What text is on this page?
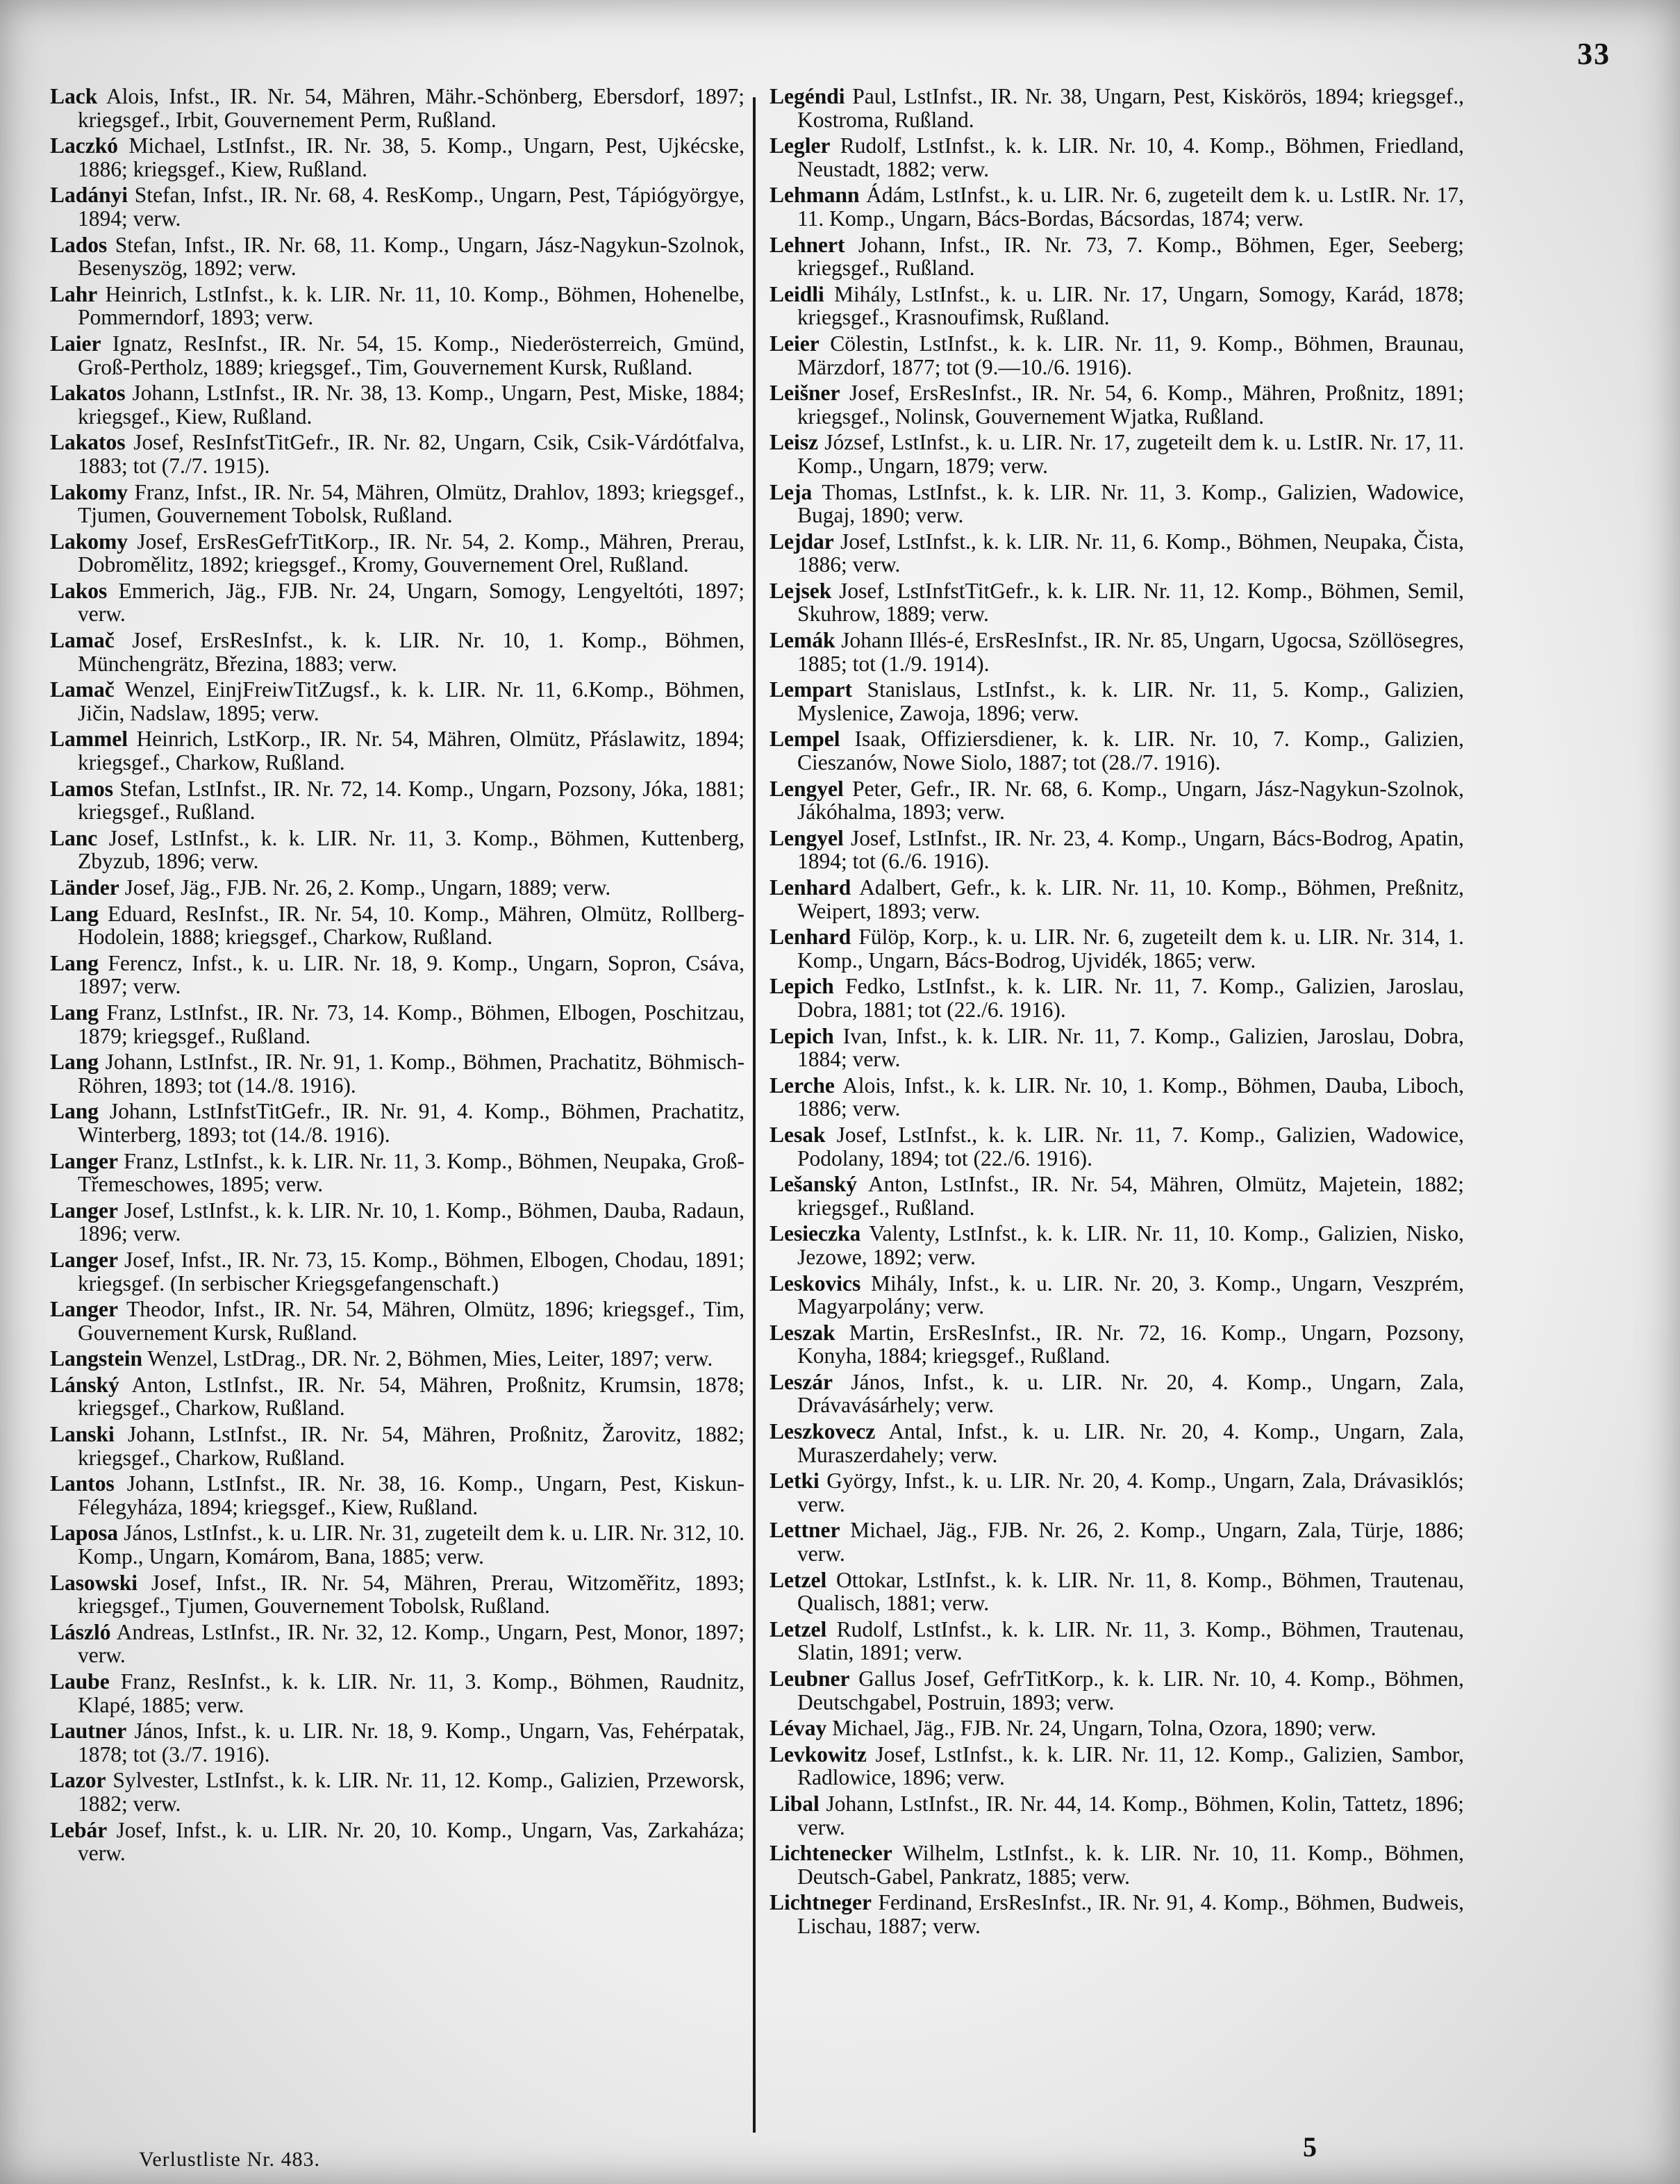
33

Lack Alois, Infst., IR. Nr. 54, Mähren, Mähr.-Schönberg, Ebersdorf, 1897; kriegsgef., Irbit, Gouvernement Perm, Rußland.

Laczkó Michael, LstInfst., IR. Nr. 38, 5. Komp., Ungarn, Pest, Ujkécske, 1886; kriegsgef., Kiew, Rußland.

Ladányi Stefan, Infst., IR. Nr. 68, 4. ResKomp., Ungarn, Pest, Tápiógyörgye, 1894; verw.

Lados Stefan, Infst., IR. Nr. 68, 11. Komp., Ungarn, Jász-Nagykun-Szolnok, Besenyszög, 1892; verw.

Lahr Heinrich, LstInfst., k. k. LIR. Nr. 11, 10. Komp., Böhmen, Hohenelbe, Pommerndorf, 1893; verw.

Laier Ignatz, ResInfst., IR. Nr. 54, 15. Komp., Niederösterreich, Gmünd, Groß-Pertholz, 1889; kriegsgef., Tim, Gouvernement Kursk, Rußland.

Lakatos Johann, LstInfst., IR. Nr. 38, 13. Komp., Ungarn, Pest, Miske, 1884; kriegsgef., Kiew, Rußland.

Lakatos Josef, ResInfstTitGefr., IR. Nr. 82, Ungarn, Csik, Csik-Várdótfalva, 1883; tot (7./7. 1915).

Lakomy Franz, Infst., IR. Nr. 54, Mähren, Olmütz, Drahlov, 1893; kriegsgef., Tjumen, Gouvernement Tobolsk, Rußland.

Lakomy Josef, ErsResGefrTitKorp., IR. Nr. 54, 2. Komp., Mähren, Prerau, Dobromělitz, 1892; kriegsgef., Kromy, Gouvernement Orel, Rußland.

Lakos Emmerich, Jäg., FJB. Nr. 24, Ungarn, Somogy, Lengyeltóti, 1897; verw.

Lamač Josef, ErsResInfst., k. k. LIR. Nr. 10, 1. Komp., Böhmen, Münchengrätz, Březina, 1883; verw.

Lamač Wenzel, EinjFreiwTitZugsf., k. k. LIR. Nr. 11, 6.Komp., Böhmen, Jičin, Nadslaw, 1895; verw.

Lammel Heinrich, LstKorp., IR. Nr. 54, Mähren, Olmütz, Přáslawitz, 1894; kriegsgef., Charkow, Rußland.

Lamos Stefan, LstInfst., IR. Nr. 72, 14. Komp., Ungarn, Pozsony, Jóka, 1881; kriegsgef., Rußland.

Lanc Josef, LstInfst., k. k. LIR. Nr. 11, 3. Komp., Böhmen, Kuttenberg, Zbyzub, 1896; verw.

Länder Josef, Jäg., FJB. Nr. 26, 2. Komp., Ungarn, 1889; verw.

Lang Eduard, ResInfst., IR. Nr. 54, 10. Komp., Mähren, Olmütz, Rollberg-Hodolein, 1888; kriegsgef., Charkow, Rußland.

Lang Ferencz, Infst., k. u. LIR. Nr. 18, 9. Komp., Ungarn, Sopron, Csáva, 1897; verw.

Lang Franz, LstInfst., IR. Nr. 73, 14. Komp., Böhmen, Elbogen, Poschitzau, 1879; kriegsgef., Rußland.

Lang Johann, LstInfst., IR. Nr. 91, 1. Komp., Böhmen, Prachatitz, Böhmisch-Röhren, 1893; tot (14./8. 1916).

Lang Johann, LstInfstTitGefr., IR. Nr. 91, 4. Komp., Böhmen, Prachatitz, Winterberg, 1893; tot (14./8. 1916).

Langer Franz, LstInfst., k. k. LIR. Nr. 11, 3. Komp., Böhmen, Neupaka, Groß-Třemeschowes, 1895; verw.

Langer Josef, LstInfst., k. k. LIR. Nr. 10, 1. Komp., Böhmen, Dauba, Radaun, 1896; verw.

Langer Josef, Infst., IR. Nr. 73, 15. Komp., Böhmen, Elbogen, Chodau, 1891; kriegsgef. (In serbischer Kriegsgefangenschaft.)

Langer Theodor, Infst., IR. Nr. 54, Mähren, Olmütz, 1896; kriegsgef., Tim, Gouvernement Kursk, Rußland.

Langstein Wenzel, LstDrag., DR. Nr. 2, Böhmen, Mies, Leiter, 1897; verw.

Lánský Anton, LstInfst., IR. Nr. 54, Mähren, Proßnitz, Krumsin, 1878; kriegsgef., Charkow, Rußland.

Lanski Johann, LstInfst., IR. Nr. 54, Mähren, Proßnitz, Žarovitz, 1882; kriegsgef., Charkow, Rußland.

Lantos Johann, LstInfst., IR. Nr. 38, 16. Komp., Ungarn, Pest, Kiskun-Félegyháza, 1894; kriegsgef., Kiew, Rußland.

Laposa János, LstInfst., k. u. LIR. Nr. 31, zugeteilt dem k. u. LIR. Nr. 312, 10. Komp., Ungarn, Komárom, Bana, 1885; verw.

Lasowski Josef, Infst., IR. Nr. 54, Mähren, Prerau, Witzoměřitz, 1893; kriegsgef., Tjumen, Gouvernement Tobolsk, Rußland.

László Andreas, LstInfst., IR. Nr. 32, 12. Komp., Ungarn, Pest, Monor, 1897; verw.

Laube Franz, ResInfst., k. k. LIR. Nr. 11, 3. Komp., Böhmen, Raudnitz, Klapé, 1885; verw.

Lautner János, Infst., k. u. LIR. Nr. 18, 9. Komp., Ungarn, Vas, Fehérpatak, 1878; tot (3./7. 1916).

Lazor Sylvester, LstInfst., k. k. LIR. Nr. 11, 12. Komp., Galizien, Przeworsk, 1882; verw.

Lebár Josef, Infst., k. u. LIR. Nr. 20, 10. Komp., Ungarn, Vas, Zarkaháza; verw.

Legéndi Paul, LstInfst., IR. Nr. 38, Ungarn, Pest, Kiskörös, 1894; kriegsgef., Kostroma, Rußland.

Legler Rudolf, LstInfst., k. k. LIR. Nr. 10, 4. Komp., Böhmen, Friedland, Neustadt, 1882; verw.

Lehmann Ádám, LstInfst., k. u. LIR. Nr. 6, zugeteilt dem k. u. LstIR. Nr. 17, 11. Komp., Ungarn, Bács-Bordas, Bácsordas, 1874; verw.

Lehnert Johann, Infst., IR. Nr. 73, 7. Komp., Böhmen, Eger, Seeberg; kriegsgef., Rußland.

Leidli Mihály, LstInfst., k. u. LIR. Nr. 17, Ungarn, Somogy, Karád, 1878; kriegsgef., Krasnoufimsk, Rußland.

Leier Cölestin, LstInfst., k. k. LIR. Nr. 11, 9. Komp., Böhmen, Braunau, Märzdorf, 1877; tot (9.—10./6. 1916).

Leišner Josef, ErsResInfst., IR. Nr. 54, 6. Komp., Mähren, Proßnitz, 1891; kriegsgef., Nolinsk, Gouvernement Wjatka, Rußland.

Leisz József, LstInfst., k. u. LIR. Nr. 17, zugeteilt dem k. u. LstIR. Nr. 17, 11. Komp., Ungarn, 1879; verw.

Leja Thomas, LstInfst., k. k. LIR. Nr. 11, 3. Komp., Galizien, Wadowice, Bugaj, 1890; verw.

Lejdar Josef, LstInfst., k. k. LIR. Nr. 11, 6. Komp., Böhmen, Neupaka, Čista, 1886; verw.

Lejsek Josef, LstInfstTitGefr., k. k. LIR. Nr. 11, 12. Komp., Böhmen, Semil, Skuhrow, 1889; verw.

Lemák Johann Illés-é, ErsResInfst., IR. Nr. 85, Ungarn, Ugocsa, Szöllösegres, 1885; tot (1./9. 1914).

Lempart Stanislaus, LstInfst., k. k. LIR. Nr. 11, 5. Komp., Galizien, Myslenice, Zawoja, 1896; verw.

Lempel Isaak, Offiziersdiener, k. k. LIR. Nr. 10, 7. Komp., Galizien, Cieszanów, Nowe Siolo, 1887; tot (28./7. 1916).

Lengyel Peter, Gefr., IR. Nr. 68, 6. Komp., Ungarn, Jász-Nagykun-Szolnok, Jákóhalma, 1893; verw.

Lengyel Josef, LstInfst., IR. Nr. 23, 4. Komp., Ungarn, Bács-Bodrog, Apatin, 1894; tot (6./6. 1916).

Lenhard Adalbert, Gefr., k. k. LIR. Nr. 11, 10. Komp., Böhmen, Preßnitz, Weipert, 1893; verw.

Lenhard Fülöp, Korp., k. u. LIR. Nr. 6, zugeteilt dem k. u. LIR. Nr. 314, 1. Komp., Ungarn, Bács-Bodrog, Ujvidék, 1865; verw.

Lepich Fedko, LstInfst., k. k. LIR. Nr. 11, 7. Komp., Galizien, Jaroslau, Dobra, 1881; tot (22./6. 1916).

Lepich Ivan, Infst., k. k. LIR. Nr. 11, 7. Komp., Galizien, Jaroslau, Dobra, 1884; verw.

Lerche Alois, Infst., k. k. LIR. Nr. 10, 1. Komp., Böhmen, Dauba, Liboch, 1886; verw.

Lesak Josef, LstInfst., k. k. LIR. Nr. 11, 7. Komp., Galizien, Wadowice, Podolany, 1894; tot (22./6. 1916).

Lešanský Anton, LstInfst., IR. Nr. 54, Mähren, Olmütz, Majetein, 1882; kriegsgef., Rußland.

Lesieczka Valenty, LstInfst., k. k. LIR. Nr. 11, 10. Komp., Galizien, Nisko, Jezowe, 1892; verw.

Leskovics Mihály, Infst., k. u. LIR. Nr. 20, 3. Komp., Ungarn, Veszprém, Magyarpolány; verw.

Leszak Martin, ErsResInfst., IR. Nr. 72, 16. Komp., Ungarn, Pozsony, Konyha, 1884; kriegsgef., Rußland.

Leszár János, Infst., k. u. LIR. Nr. 20, 4. Komp., Ungarn, Zala, Drávavásárhely; verw.

Leszkovecz Antal, Infst., k. u. LIR. Nr. 20, 4. Komp., Ungarn, Zala, Muraszerdahely; verw.

Letki György, Infst., k. u. LIR. Nr. 20, 4. Komp., Ungarn, Zala, Drávasiklós; verw.

Lettner Michael, Jäg., FJB. Nr. 26, 2. Komp., Ungarn, Zala, Türje, 1886; verw.

Letzel Ottokar, LstInfst., k. k. LIR. Nr. 11, 8. Komp., Böhmen, Trautenau, Qualisch, 1881; verw.

Letzel Rudolf, LstInfst., k. k. LIR. Nr. 11, 3. Komp., Böhmen, Trautenau, Slatin, 1891; verw.

Leubner Gallus Josef, GefrTitKorp., k. k. LIR. Nr. 10, 4. Komp., Böhmen, Deutschgabel, Postruin, 1893; verw.

Lévay Michael, Jäg., FJB. Nr. 24, Ungarn, Tolna, Ozora, 1890; verw.

Levkowitz Josef, LstInfst., k. k. LIR. Nr. 11, 12. Komp., Galizien, Sambor, Radlowice, 1896; verw.

Libal Johann, LstInfst., IR. Nr. 44, 14. Komp., Böhmen, Kolin, Tattetz, 1896; verw.

Lichtenecker Wilhelm, LstInfst., k. k. LIR. Nr. 10, 11. Komp., Böhmen, Deutsch-Gabel, Pankratz, 1885; verw.

Lichtneger Ferdinand, ErsResInfst., IR. Nr. 91, 4. Komp., Böhmen, Budweis, Lischau, 1887; verw.

Verlustliste Nr. 483.	5
